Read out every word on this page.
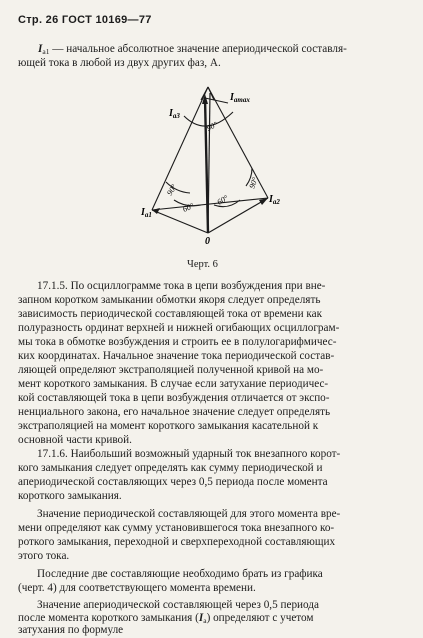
Стр. 26 ГОСТ 10169—77
$I_{a1}$ — начальное абсолютное значение апериодической составля-
ющей тока в любой из двух других фаз, А.
$I_{a3}$
$I_{amax}$
$I_{a2}$
$I_{a1}$
0
90°
90°
60°
60°
90°
Черт. 6
17.1.5. По осциллограмме тока в цепи возбуждения при вне-
запном коротком замыкании обмотки якоря следует определять
зависимость периодической составляющей тока от времени как
полуразность ординат верхней и нижней огибающих осциллограм-
мы тока в обмотке возбуждения и строить ее в полулогарифмичес-
ких координатах. Начальное значение тока периодической состав-
ляющей определяют экстраполяцией полученной кривой на мо-
мент короткого замыкания. В случае если затухание периодичес-
кой составляющей тока в цепи возбуждения отличается от экспо-
ненциального закона, его начальное значение следует определять
экстраполяцией на момент короткого замыкания касательной к
основной части кривой.
17.1.6. Наибольший возможный ударный ток внезапного корот-
кого замыкания следует определять как сумму периодической и
апериодической составляющих через 0,5 периода после момента
короткого замыкания.
Значение периодической составляющей для этого момента вре-
мени определяют как сумму установившегося тока внезапного ко-
роткого замыкания, переходной и сверхпереходной составляющих
этого тока.
Последние две составляющие необходимо брать из графика
(черт. 4) для соответствующего момента времени.
Значение апериодической составляющей через 0,5 периода
после момента короткого замыкания $(I_a)$ определяют с учетом
затухания по формуле
